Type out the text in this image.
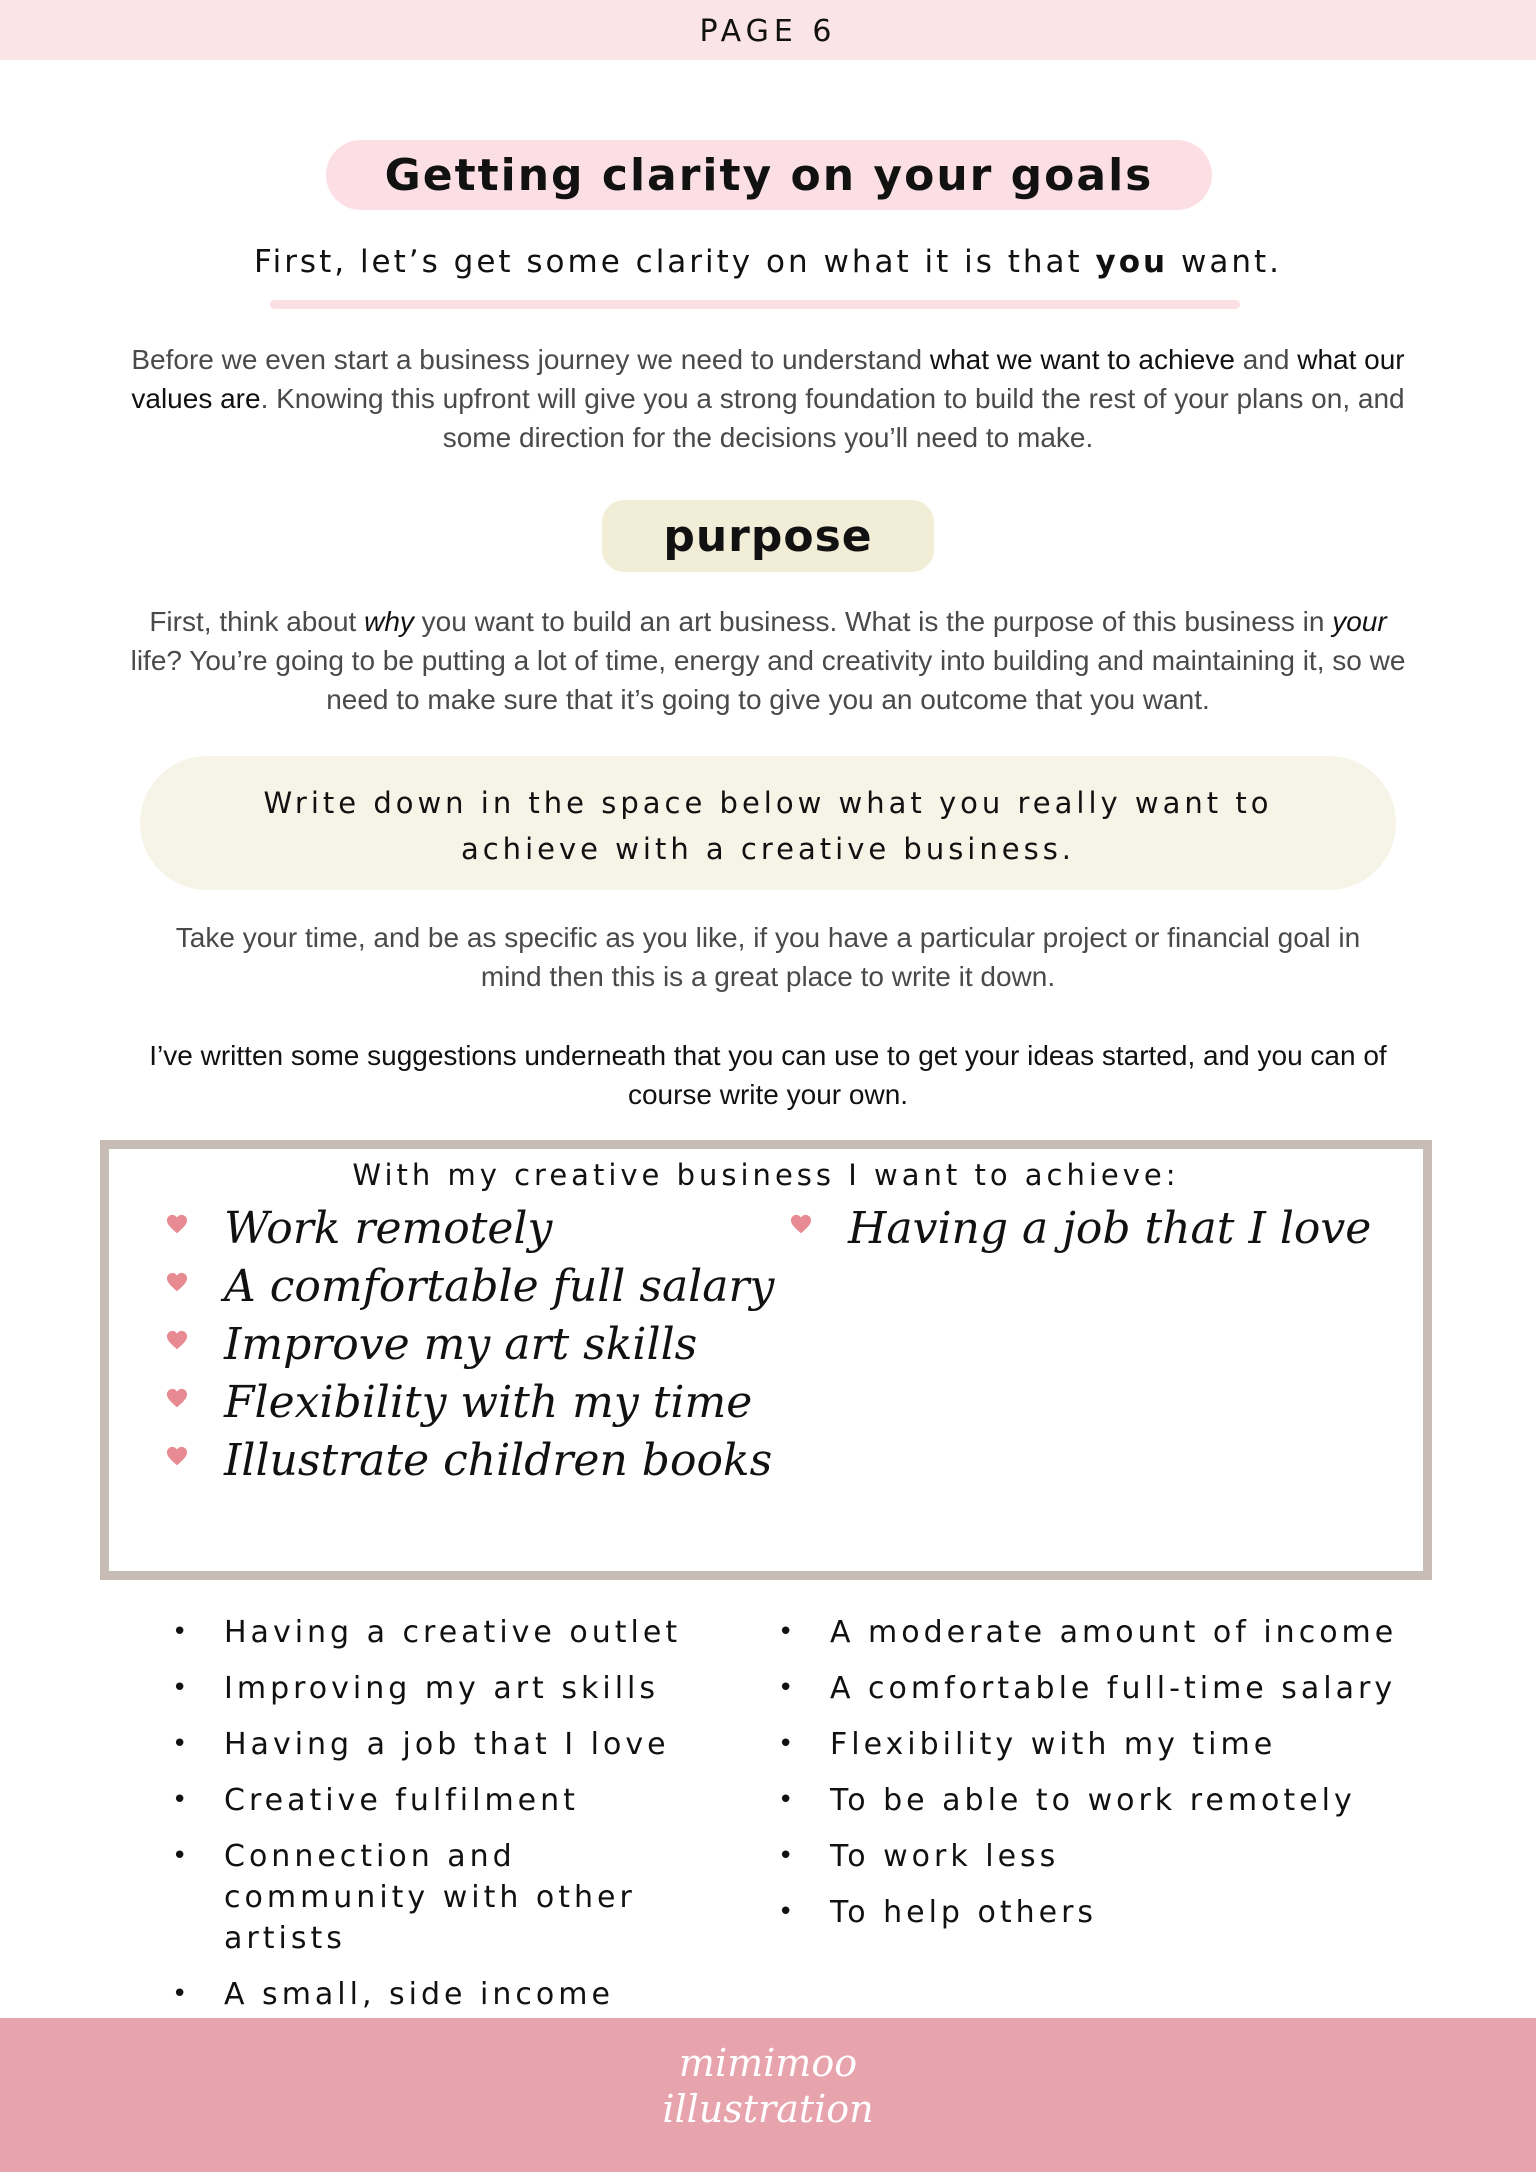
PAGE 6
Getting clarity on your goals
First, let’s get some clarity on what it is that you want.

Before we even start a business journey we need to understand what we want to achieve and what our values are. Knowing this upfront will give you a strong foundation to build the rest of your plans on, and some direction for the decisions you’ll need to make.

purpose

First, think about why you want to build an art business. What is the purpose of this business in your life? You’re going to be putting a lot of time, energy and creativity into building and maintaining it, so we need to make sure that it’s going to give you an outcome that you want.

Write down in the space below what you really want to
achieve with a creative business.

Take your time, and be as specific as you like, if you have a particular project or financial goal in mind then this is a great place to write it down.

I’ve written some suggestions underneath that you can use to get your ideas started, and you can of course write your own.

With my creative business I want to achieve:
Work remotely
A comfortable full salary
Improve my art skills
Flexibility with my time
Illustrate children books
Having a job that I love
• Having a creative outlet
• Improving my art skills
• Having a job that I love
• Creative fulfilment
• Connection and community with other artists
• A small, side income
• A moderate amount of income
• A comfortable full-time salary
• Flexibility with my time
• To be able to work remotely
• To work less
• To help others
mimimoo
illustration
